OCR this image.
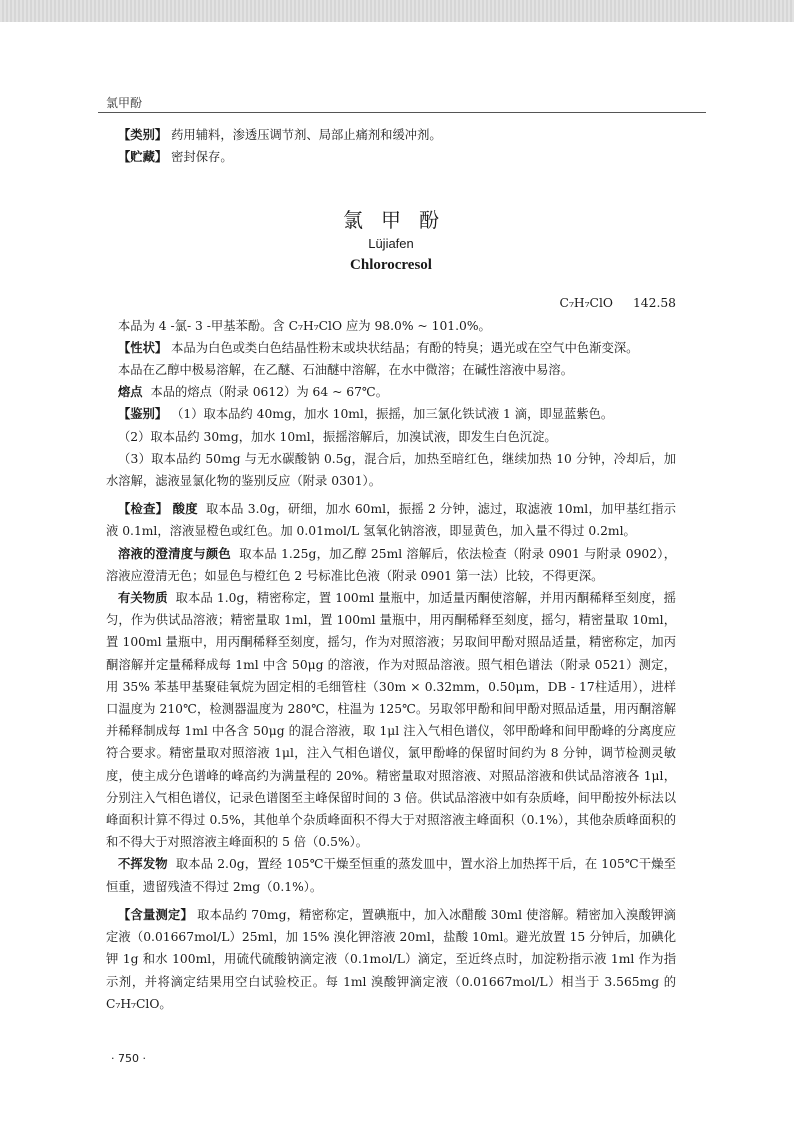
氯甲酚

【类别】 药用辅料，渗透压调节剂、局部止痛剂和缓冲剂。

【贮藏】 密封保存。

氯甲酚
Lüjiafen
Chlorocresol
C₇H₇ClO 142.58

本品为 4 -氯- 3 -甲基苯酚。含 C₇H₇ClO 应为 98.0% ~ 101.0%。

【性状】 本品为白色或类白色结晶性粉末或块状结晶；有酚的特臭；遇光或在空气中色渐变深。

本品在乙醇中极易溶解，在乙醚、石油醚中溶解，在水中微溶；在碱性溶液中易溶。

熔点 本品的熔点（附录 0612）为 64 ~ 67℃。

【鉴别】 （1）取本品约 40mg，加水 10ml，振摇，加三氯化铁试液 1 滴，即显蓝紫色。

（2）取本品约 30mg，加水 10ml，振摇溶解后，加溴试液，即发生白色沉淀。

（3）取本品约 50mg 与无水碳酸钠 0.5g，混合后，加热至暗红色，继续加热 10 分钟，冷却后，加水溶解，滤液显氯化物的鉴别反应（附录 0301）。

【检查】 酸度 取本品 3.0g，研细，加水 60ml，振摇 2 分钟，滤过，取滤液 10ml，加甲基红指示液 0.1ml，溶液显橙色或红色。加 0.01mol/L 氢氧化钠溶液，即显黄色，加入量不得过 0.2ml。

溶液的澄清度与颜色 取本品 1.25g，加乙醇 25ml 溶解后，依法检查（附录 0901 与附录 0902），溶液应澄清无色；如显色与橙红色 2 号标准比色液（附录 0901 第一法）比较，不得更深。

有关物质 取本品 1.0g，精密称定，置 100ml 量瓶中，加适量丙酮使溶解，并用丙酮稀释至刻度，摇匀，作为供试品溶液；精密量取 1ml，置 100ml 量瓶中，用丙酮稀释至刻度，摇匀，精密量取 10ml，置 100ml 量瓶中，用丙酮稀释至刻度，摇匀，作为对照溶液；另取间甲酚对照品适量，精密称定，加丙酮溶解并定量稀释成每 1ml 中含 50μg 的溶液，作为对照品溶液。照气相色谱法（附录 0521）测定，用 35% 苯基甲基聚硅氧烷为固定相的毛细管柱（30m × 0.32mm，0.50μm，DB - 17柱适用），进样口温度为 210℃，检测器温度为 280℃，柱温为 125℃。另取邻甲酚和间甲酚对照品适量，用丙酮溶解并稀释制成每 1ml 中各含 50μg 的混合溶液，取 1μl 注入气相色谱仪，邻甲酚峰和间甲酚峰的分离度应符合要求。精密量取对照溶液 1μl，注入气相色谱仪，氯甲酚峰的保留时间约为 8 分钟，调节检测灵敏度，使主成分色谱峰的峰高约为满量程的 20%。精密量取对照溶液、对照品溶液和供试品溶液各 1μl，分别注入气相色谱仪，记录色谱图至主峰保留时间的 3 倍。供试品溶液中如有杂质峰，间甲酚按外标法以峰面积计算不得过 0.5%，其他单个杂质峰面积不得大于对照溶液主峰面积（0.1%），其他杂质峰面积的和不得大于对照溶液主峰面积的 5 倍（0.5%）。

不挥发物 取本品 2.0g，置经 105℃干燥至恒重的蒸发皿中，置水浴上加热挥干后，在 105℃干燥至恒重，遗留残渣不得过 2mg（0.1%）。

【含量测定】 取本品约 70mg，精密称定，置碘瓶中，加入冰醋酸 30ml 使溶解。精密加入溴酸钾滴定液（0.01667mol/L）25ml，加 15% 溴化钾溶液 20ml，盐酸 10ml。避光放置 15 分钟后，加碘化钾 1g 和水 100ml，用硫代硫酸钠滴定液（0.1mol/L）滴定，至近终点时，加淀粉指示液 1ml 作为指示剂，并将滴定结果用空白试验校正。每 1ml 溴酸钾滴定液（0.01667mol/L）相当于 3.565mg 的 C₇H₇ClO。

· 750 ·
